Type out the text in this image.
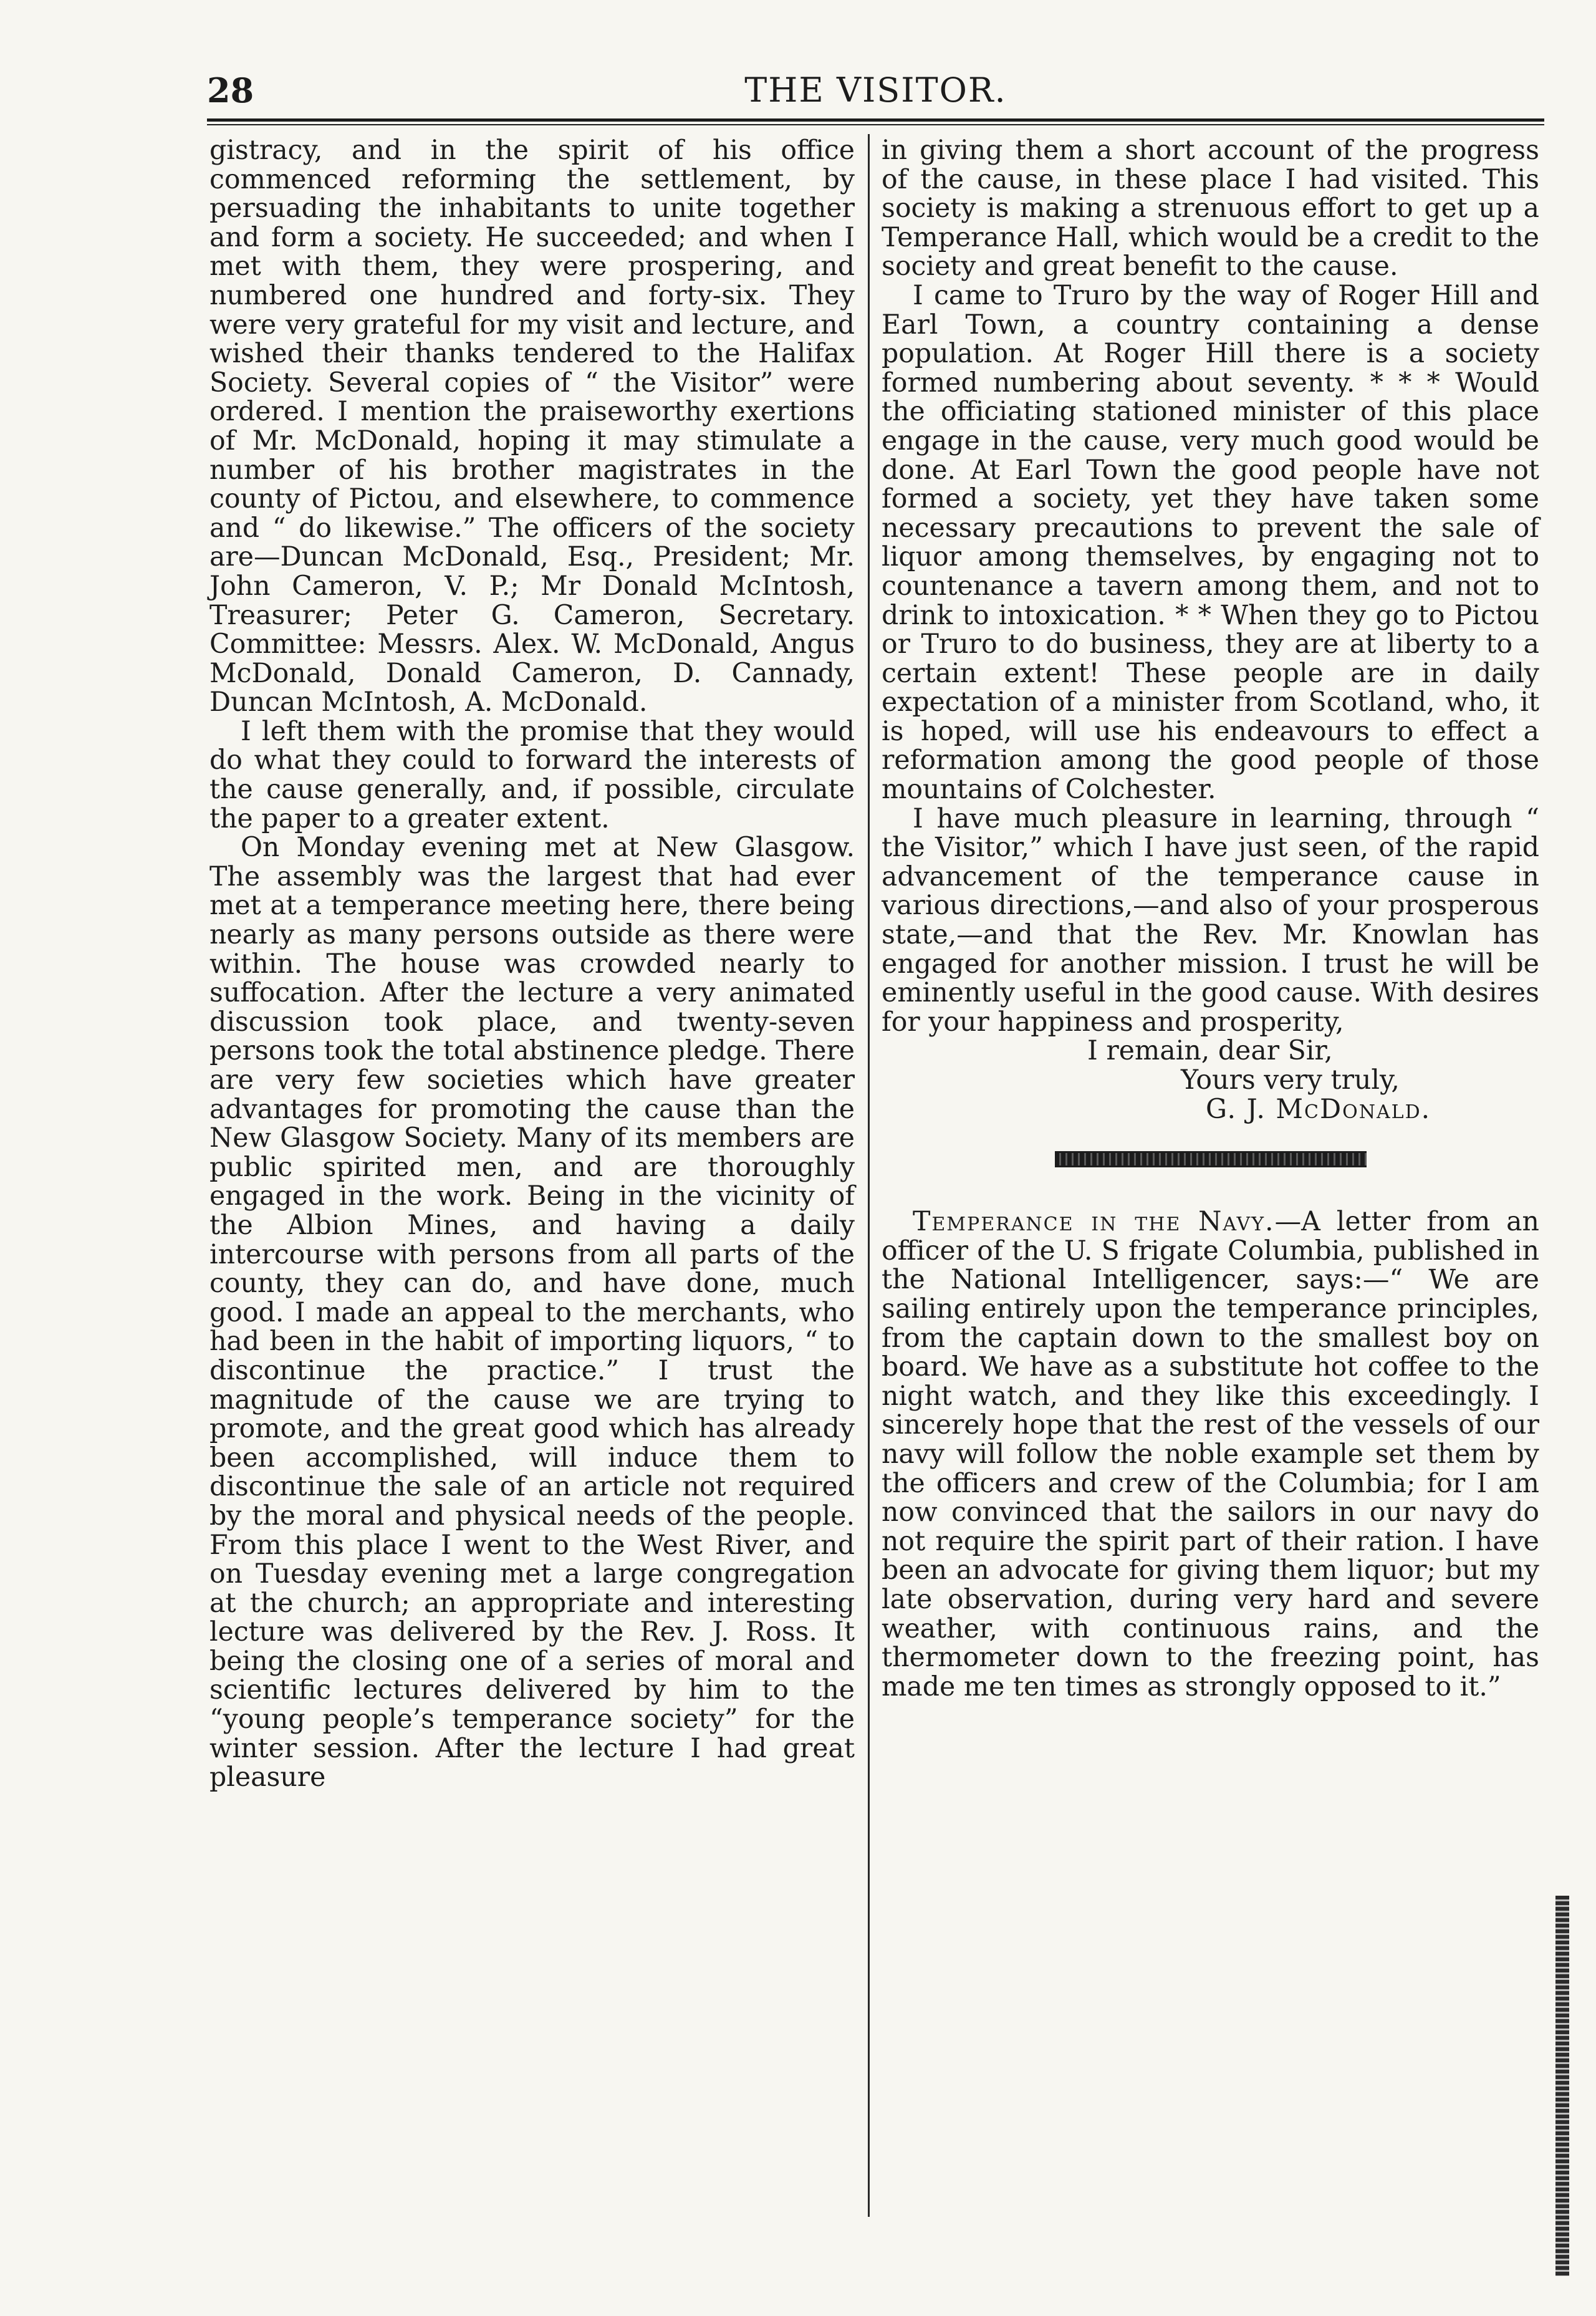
28	THE VISITOR.

gistracy, and in the spirit of his office commenced reforming the settlement, by persuading the inhabitants to unite together and form a society. He succeeded; and when I met with them, they were prospering, and numbered one hundred and forty-six. They were very grateful for my visit and lecture, and wished their thanks tendered to the Halifax Society. Several copies of “ the Visitor” were ordered. I mention the praiseworthy exertions of Mr. McDonald, hoping it may stimulate a number of his brother magistrates in the county of Pictou, and elsewhere, to commence and “ do likewise.” The officers of the society are—Duncan McDonald, Esq., President; Mr. John Cameron, V. P.; Mr Donald McIntosh, Treasurer; Peter G. Cameron, Secretary. Committee: Messrs. Alex. W. McDonald, Angus McDonald, Donald Cameron, D. Cannady, Duncan McIntosh, A. McDonald.

I left them with the promise that they would do what they could to forward the interests of the cause generally, and, if possible, circulate the paper to a greater extent.

On Monday evening met at New Glasgow. The assembly was the largest that had ever met at a temperance meeting here, there being nearly as many persons outside as there were within. The house was crowded nearly to suffocation. After the lecture a very animated discussion took place, and twenty-seven persons took the total abstinence pledge. There are very few societies which have greater advantages for promoting the cause than the New Glasgow Society. Many of its members are public spirited men, and are thoroughly engaged in the work. Being in the vicinity of the Albion Mines, and having a daily intercourse with persons from all parts of the county, they can do, and have done, much good. I made an appeal to the merchants, who had been in the habit of importing liquors, “ to discontinue the practice.” I trust the magnitude of the cause we are trying to promote, and the great good which has already been accomplished, will induce them to discontinue the sale of an article not required by the moral and physical needs of the people. From this place I went to the West River, and on Tuesday evening met a large congregation at the church; an appropriate and interesting lecture was delivered by the Rev. J. Ross. It being the closing one of a series of moral and scientific lectures delivered by him to the “young people’s temperance society” for the winter session. After the lecture I had great pleasure

in giving them a short account of the progress of the cause, in these place I had visited. This society is making a strenuous effort to get up a Temperance Hall, which would be a credit to the society and great benefit to the cause.

I came to Truro by the way of Roger Hill and Earl Town, a country containing a dense population. At Roger Hill there is a society formed numbering about seventy. * * * Would the officiating stationed minister of this place engage in the cause, very much good would be done. At Earl Town the good people have not formed a society, yet they have taken some necessary precautions to prevent the sale of liquor among themselves, by engaging not to countenance a tavern among them, and not to drink to intoxication. * * When they go to Pictou or Truro to do business, they are at liberty to a certain extent! These people are in daily expectation of a minister from Scotland, who, it is hoped, will use his endeavours to effect a reformation among the good people of those mountains of Colchester.

I have much pleasure in learning, through “ the Visitor,” which I have just seen, of the rapid advancement of the temperance cause in various directions,—and also of your prosperous state,—and that the Rev. Mr. Knowlan has engaged for another mission. I trust he will be eminently useful in the good cause. With desires for your happiness and prosperity,

I remain, dear Sir,
Yours very truly,
G. J. McDonald.

Temperance in the Navy.—A letter from an officer of the U. S frigate Columbia, published in the National Intelligencer, says:—“ We are sailing entirely upon the temperance principles, from the captain down to the smallest boy on board. We have as a substitute hot coffee to the night watch, and they like this exceedingly. I sincerely hope that the rest of the vessels of our navy will follow the noble example set them by the officers and crew of the Columbia; for I am now convinced that the sailors in our navy do not require the spirit part of their ration. I have been an advocate for giving them liquor; but my late observation, during very hard and severe weather, with continuous rains, and the thermometer down to the freezing point, has made me ten times as strongly opposed to it.”
